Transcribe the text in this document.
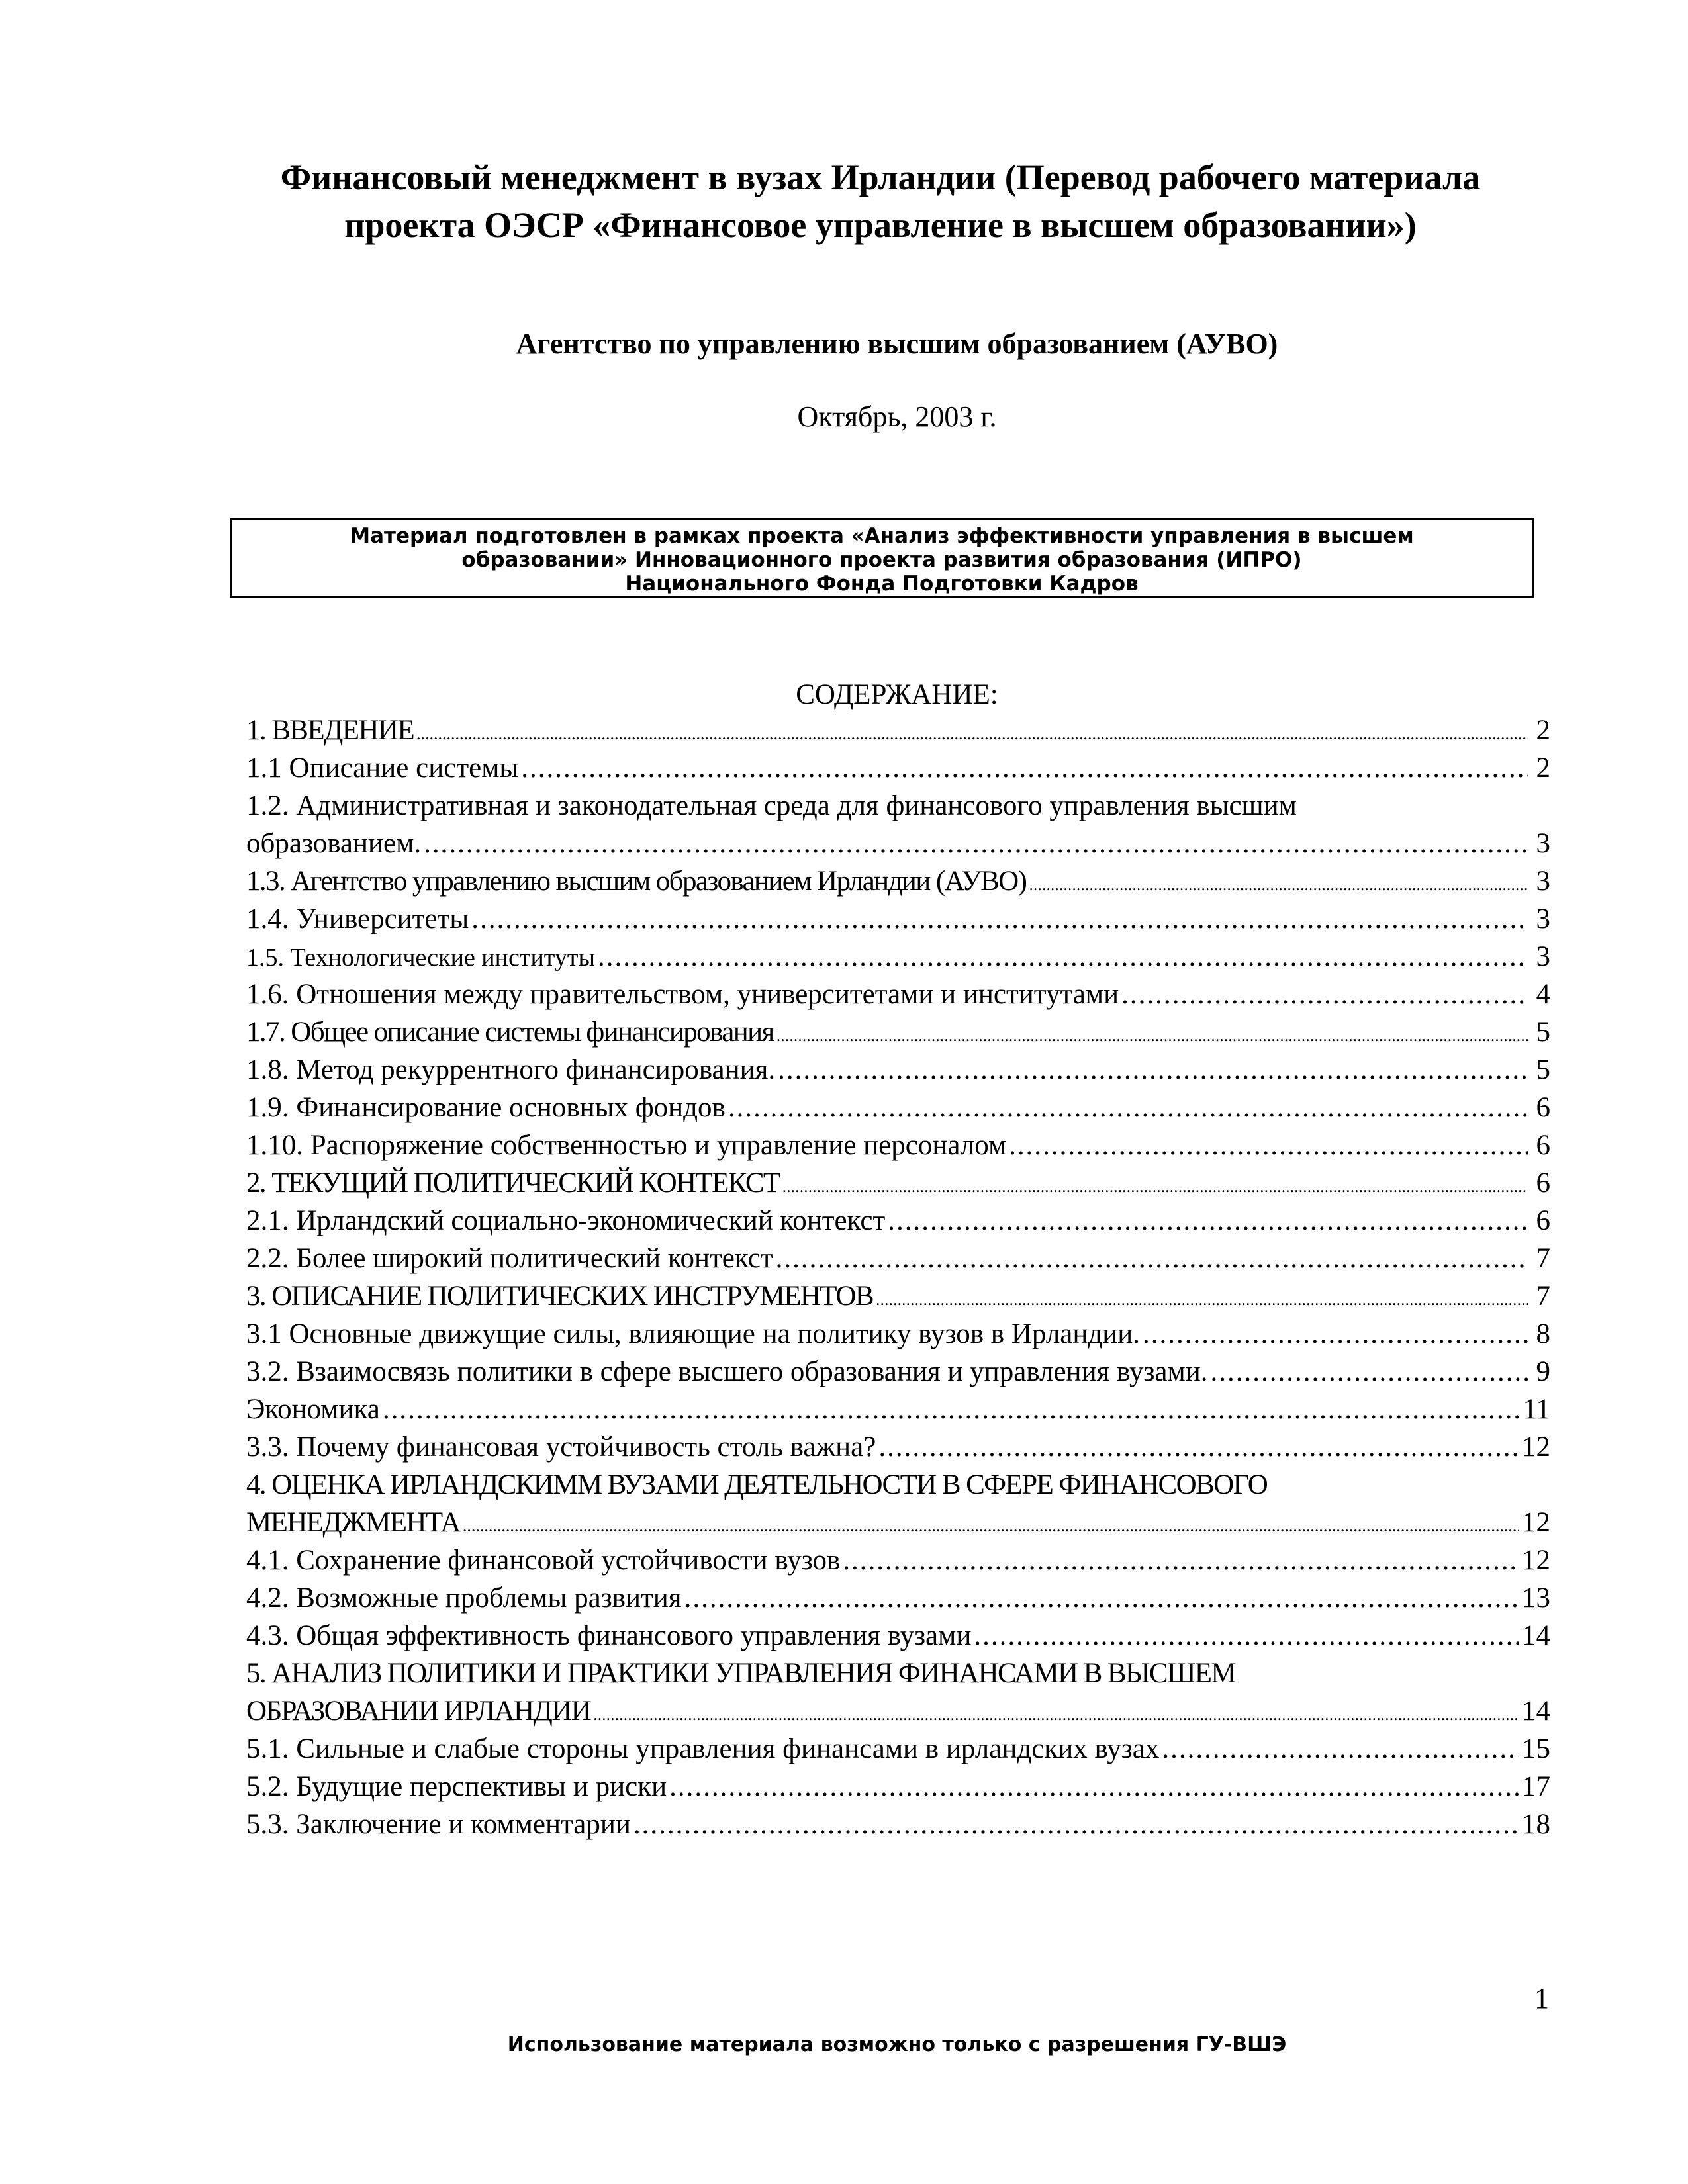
Финансовый менеджмент в вузах Ирландии (Перевод рабочего материала
проекта ОЭСР «Финансовое управление в высшем образовании»)
Агентство по управлению высшим образованием (АУВО)
Октябрь, 2003 г.
Материал подготовлен в рамках проекта «Анализ эффективности управления в высшем
образовании» Инновационного проекта развития образования (ИПРО)
Национального Фонда Подготовки Кадров
СОДЕРЖАНИЕ:
1. ВВЕДЕНИЕ .....	2
1.1 Описание системы .....	2
1.2. Административная и законодательная среда для финансового управления высшим
образованием. .....	3
1.3. Агентство управлению высшим образованием Ирландии (АУВО) .....	3
1.4. Университеты .....	3
1.5. Технологические институты .....	3
1.6. Отношения между правительством, университетами и институтами .....	4
1.7. Общее описание системы финансирования .....	5
1.8. Метод рекуррентного финансирования. .....	5
1.9. Финансирование основных фондов .....	6
1.10. Распоряжение собственностью и управление персоналом .....	6
2. ТЕКУЩИЙ ПОЛИТИЧЕСКИЙ КОНТЕКСТ .....	6
2.1. Ирландский социально-экономический контекст .....	6
2.2. Более широкий политический контекст .....	7
3. ОПИСАНИЕ ПОЛИТИЧЕСКИХ ИНСТРУМЕНТОВ .....	7
3.1 Основные движущие силы, влияющие на политику вузов в Ирландии. .....	8
3.2. Взаимосвязь политики в сфере высшего образования и управления вузами. .....	9
Экономика .....	11
3.3. Почему финансовая устойчивость столь важна? .....	12
4. ОЦЕНКА ИРЛАНДСКИММ ВУЗАМИ ДЕЯТЕЛЬНОСТИ В СФЕРЕ ФИНАНСОВОГО
МЕНЕДЖМЕНТА .....	12
4.1. Сохранение финансовой устойчивости вузов .....	12
4.2. Возможные проблемы развития .....	13
4.3. Общая эффективность финансового управления вузами .....	14
5. АНАЛИЗ ПОЛИТИКИ И ПРАКТИКИ УПРАВЛЕНИЯ ФИНАНСАМИ В ВЫСШЕМ
ОБРАЗОВАНИИ ИРЛАНДИИ .....	14
5.1. Сильные и слабые стороны управления финансами в ирландских вузах .....	15
5.2. Будущие перспективы и риски .....	17
5.3. Заключение и комментарии .....	18
1
Использование материала возможно только с разрешения ГУ-ВШЭ
